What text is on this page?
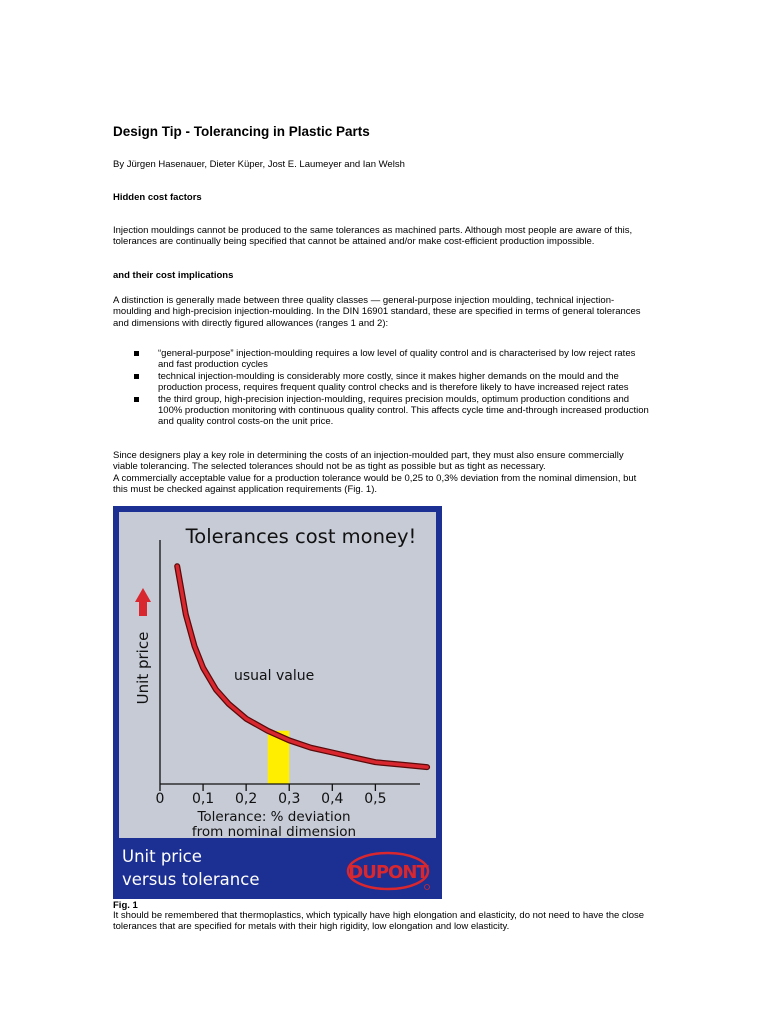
Design Tip - Tolerancing in Plastic Parts

By Jürgen Hasenauer, Dieter Küper, Jost E. Laumeyer and Ian Welsh

Hidden cost factors

Injection mouldings cannot be produced to the same tolerances as machined parts. Although most people are aware of this,
tolerances are continually being specified that cannot be attained and/or make cost-efficient production impossible.

and their cost implications

A distinction is generally made between three quality classes — general-purpose injection moulding, technical injection-
moulding and high-precision injection-moulding. In the DIN 16901 standard, these are specified in terms of general tolerances
and dimensions with directly figured allowances (ranges 1 and 2):

“general-purpose” injection-moulding requires a low level of quality control and is characterised by low reject rates
and fast production cycles
technical injection-moulding is considerably more costly, since it makes higher demands on the mould and the
production process, requires frequent quality control checks and is therefore likely to have increased reject rates
the third group, high-precision injection-moulding, requires precision moulds, optimum production conditions and
100% production monitoring with continuous quality control. This affects cycle time and-through increased production
and quality control costs-on the unit price.

Since designers play a key role in determining the costs of an injection-moulded part, they must also ensure commercially
viable tolerancing. The selected tolerances should not be as tight as possible but as tight as necessary.
A commercially acceptable value for a production tolerance would be 0,25 to 0,3% deviation from the nominal dimension, but
this must be checked against application requirements (Fig. 1).

Tolerances cost money!
0 0,1 0,2 0,3 0,4 0,5
Tolerance: % deviation
from nominal dimension
Unit price	usual value
Unit price
versus tolerance	DUPONT

Fig. 1

It should be remembered that thermoplastics, which typically have high elongation and elasticity, do not need to have the close
tolerances that are specified for metals with their high rigidity, low elongation and low elasticity.
